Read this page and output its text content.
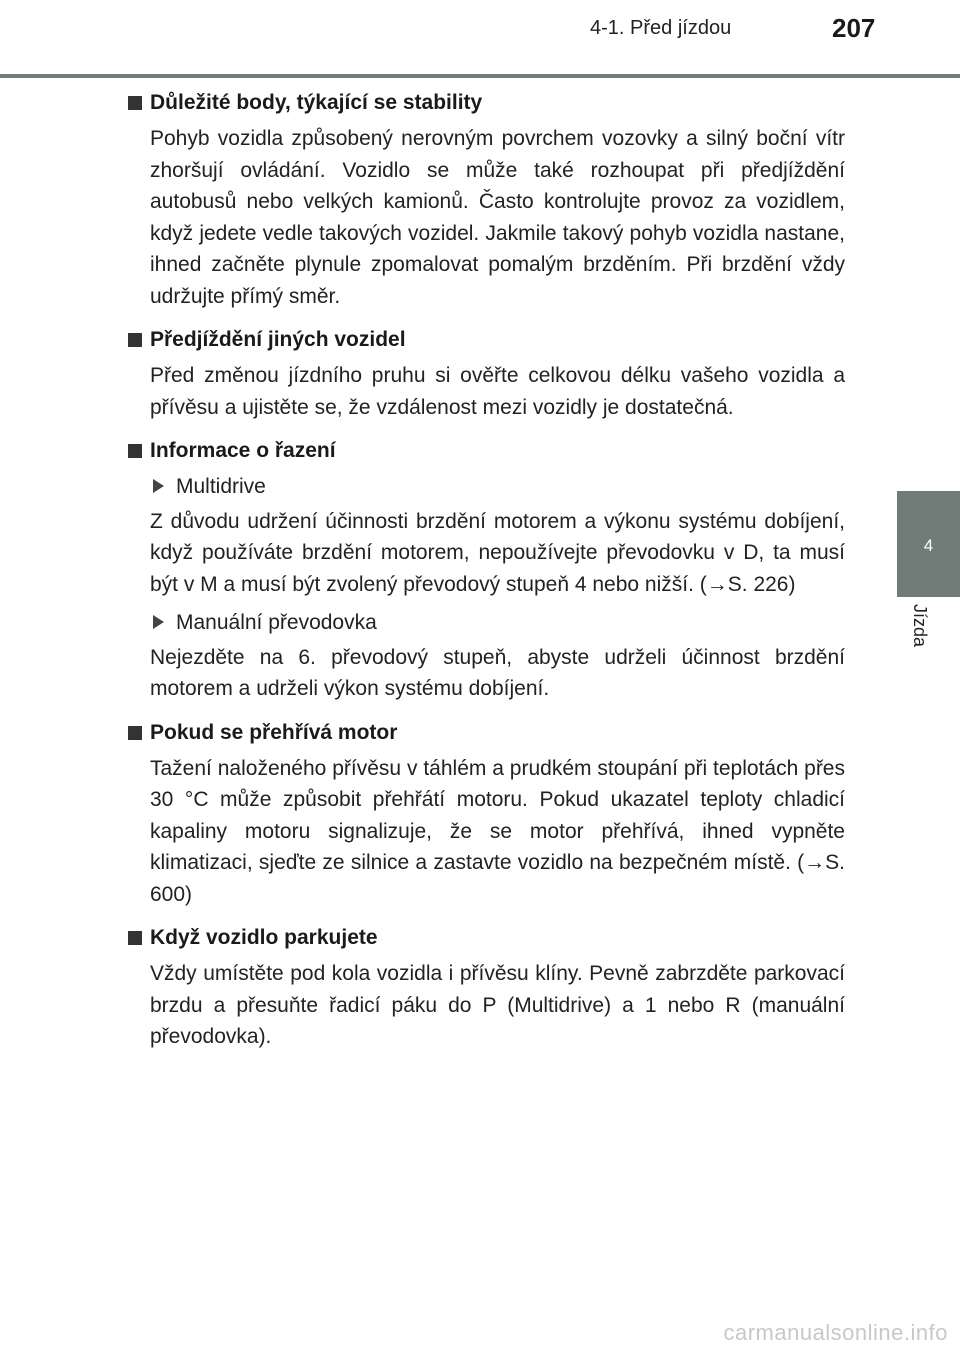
4-1. Před jízdou	207
4
Jízda
Důležité body, týkající se stability

Pohyb vozidla způsobený nerovným povrchem vozovky a silný boční vítr zhoršují ovládání. Vozidlo se může také rozhoupat při předjíždění autobusů nebo velkých kamionů. Často kontrolujte provoz za vozidlem, když jedete vedle takových vozidel. Jakmile takový pohyb vozidla nastane, ihned začněte plynule zpomalovat pomalým brzděním. Při brzdění vždy udržujte přímý směr.

Předjíždění jiných vozidel

Před změnou jízdního pruhu si ověřte celkovou délku vašeho vozidla a přívěsu a ujistěte se, že vzdálenost mezi vozidly je dostatečná.

Informace o řazení
Multidrive

Z důvodu udržení účinnosti brzdění motorem a výkonu systému dobíjení, když používáte brzdění motorem, nepoužívejte převodovku v D, ta musí být v M a musí být zvolený převodový stupeň 4 nebo nižší. (→S. 226)

Manuální převodovka

Nejezděte na 6. převodový stupeň, abyste udrželi účinnost brzdění motorem a udrželi výkon systému dobíjení.

Pokud se přehřívá motor

Tažení naloženého přívěsu v táhlém a prudkém stoupání při teplotách přes 30 °C může způsobit přehřátí motoru. Pokud ukazatel teploty chladicí kapaliny motoru signalizuje, že se motor přehřívá, ihned vypněte klimatizaci, sjeďte ze silnice a zastavte vozidlo na bezpečném místě. (→S. 600)

Když vozidlo parkujete

Vždy umístěte pod kola vozidla i přívěsu klíny. Pevně zabrzděte parkovací brzdu a přesuňte řadicí páku do P (Multidrive) a 1 nebo R (manuální převodovka).

carmanualsonline.info
